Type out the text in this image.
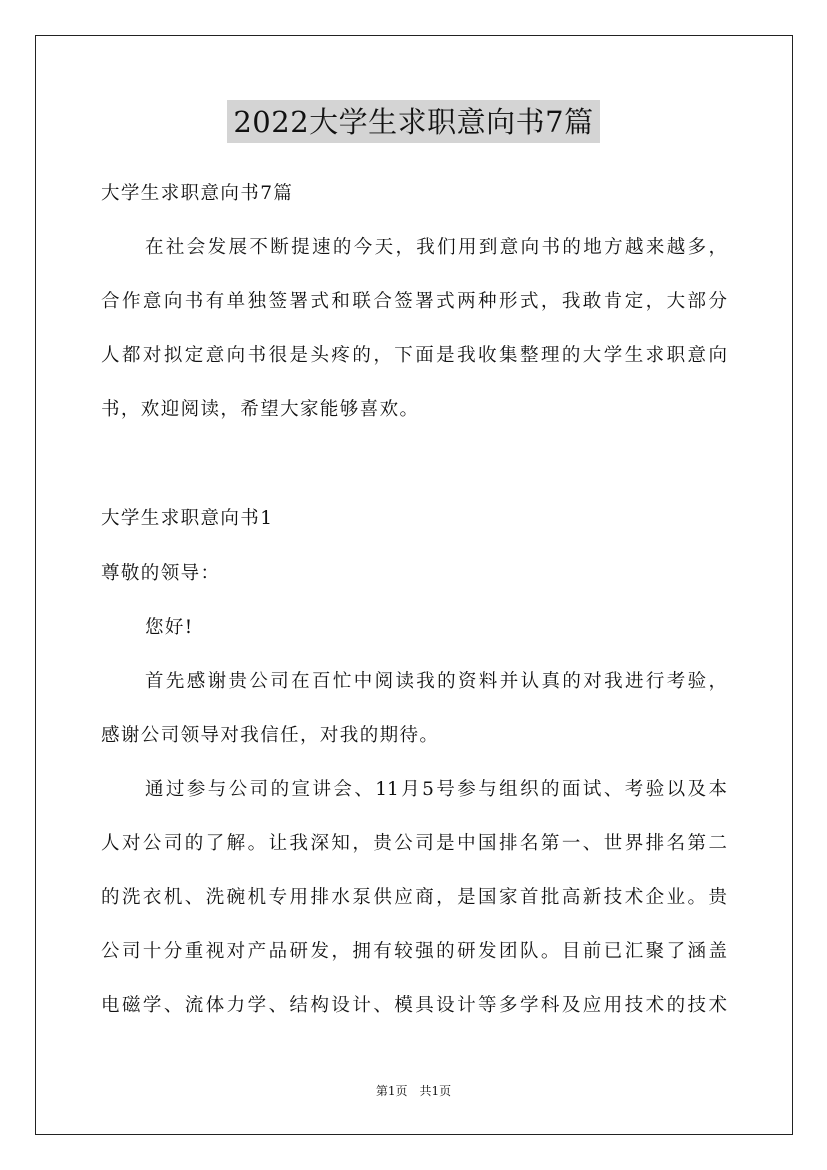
2022大学生求职意向书7篇
大学生求职意向书7篇
在社会发展不断提速的今天，我们用到意向书的地方越来越多，
合作意向书有单独签署式和联合签署式两种形式，我敢肯定，大部分
人都对拟定意向书很是头疼的，下面是我收集整理的大学生求职意向
书，欢迎阅读，希望大家能够喜欢。
大学生求职意向书1
尊敬的领导：
您好!
首先感谢贵公司在百忙中阅读我的资料并认真的对我进行考验，
感谢公司领导对我信任，对我的期待。
通过参与公司的宣讲会、11月5号参与组织的面试、考验以及本
人对公司的了解。让我深知，贵公司是中国排名第一、世界排名第二
的洗衣机、洗碗机专用排水泵供应商，是国家首批高新技术企业。贵
公司十分重视对产品研发，拥有较强的研发团队。目前已汇聚了涵盖
电磁学、流体力学、结构设计、模具设计等多学科及应用技术的技术
第1页　共1页
